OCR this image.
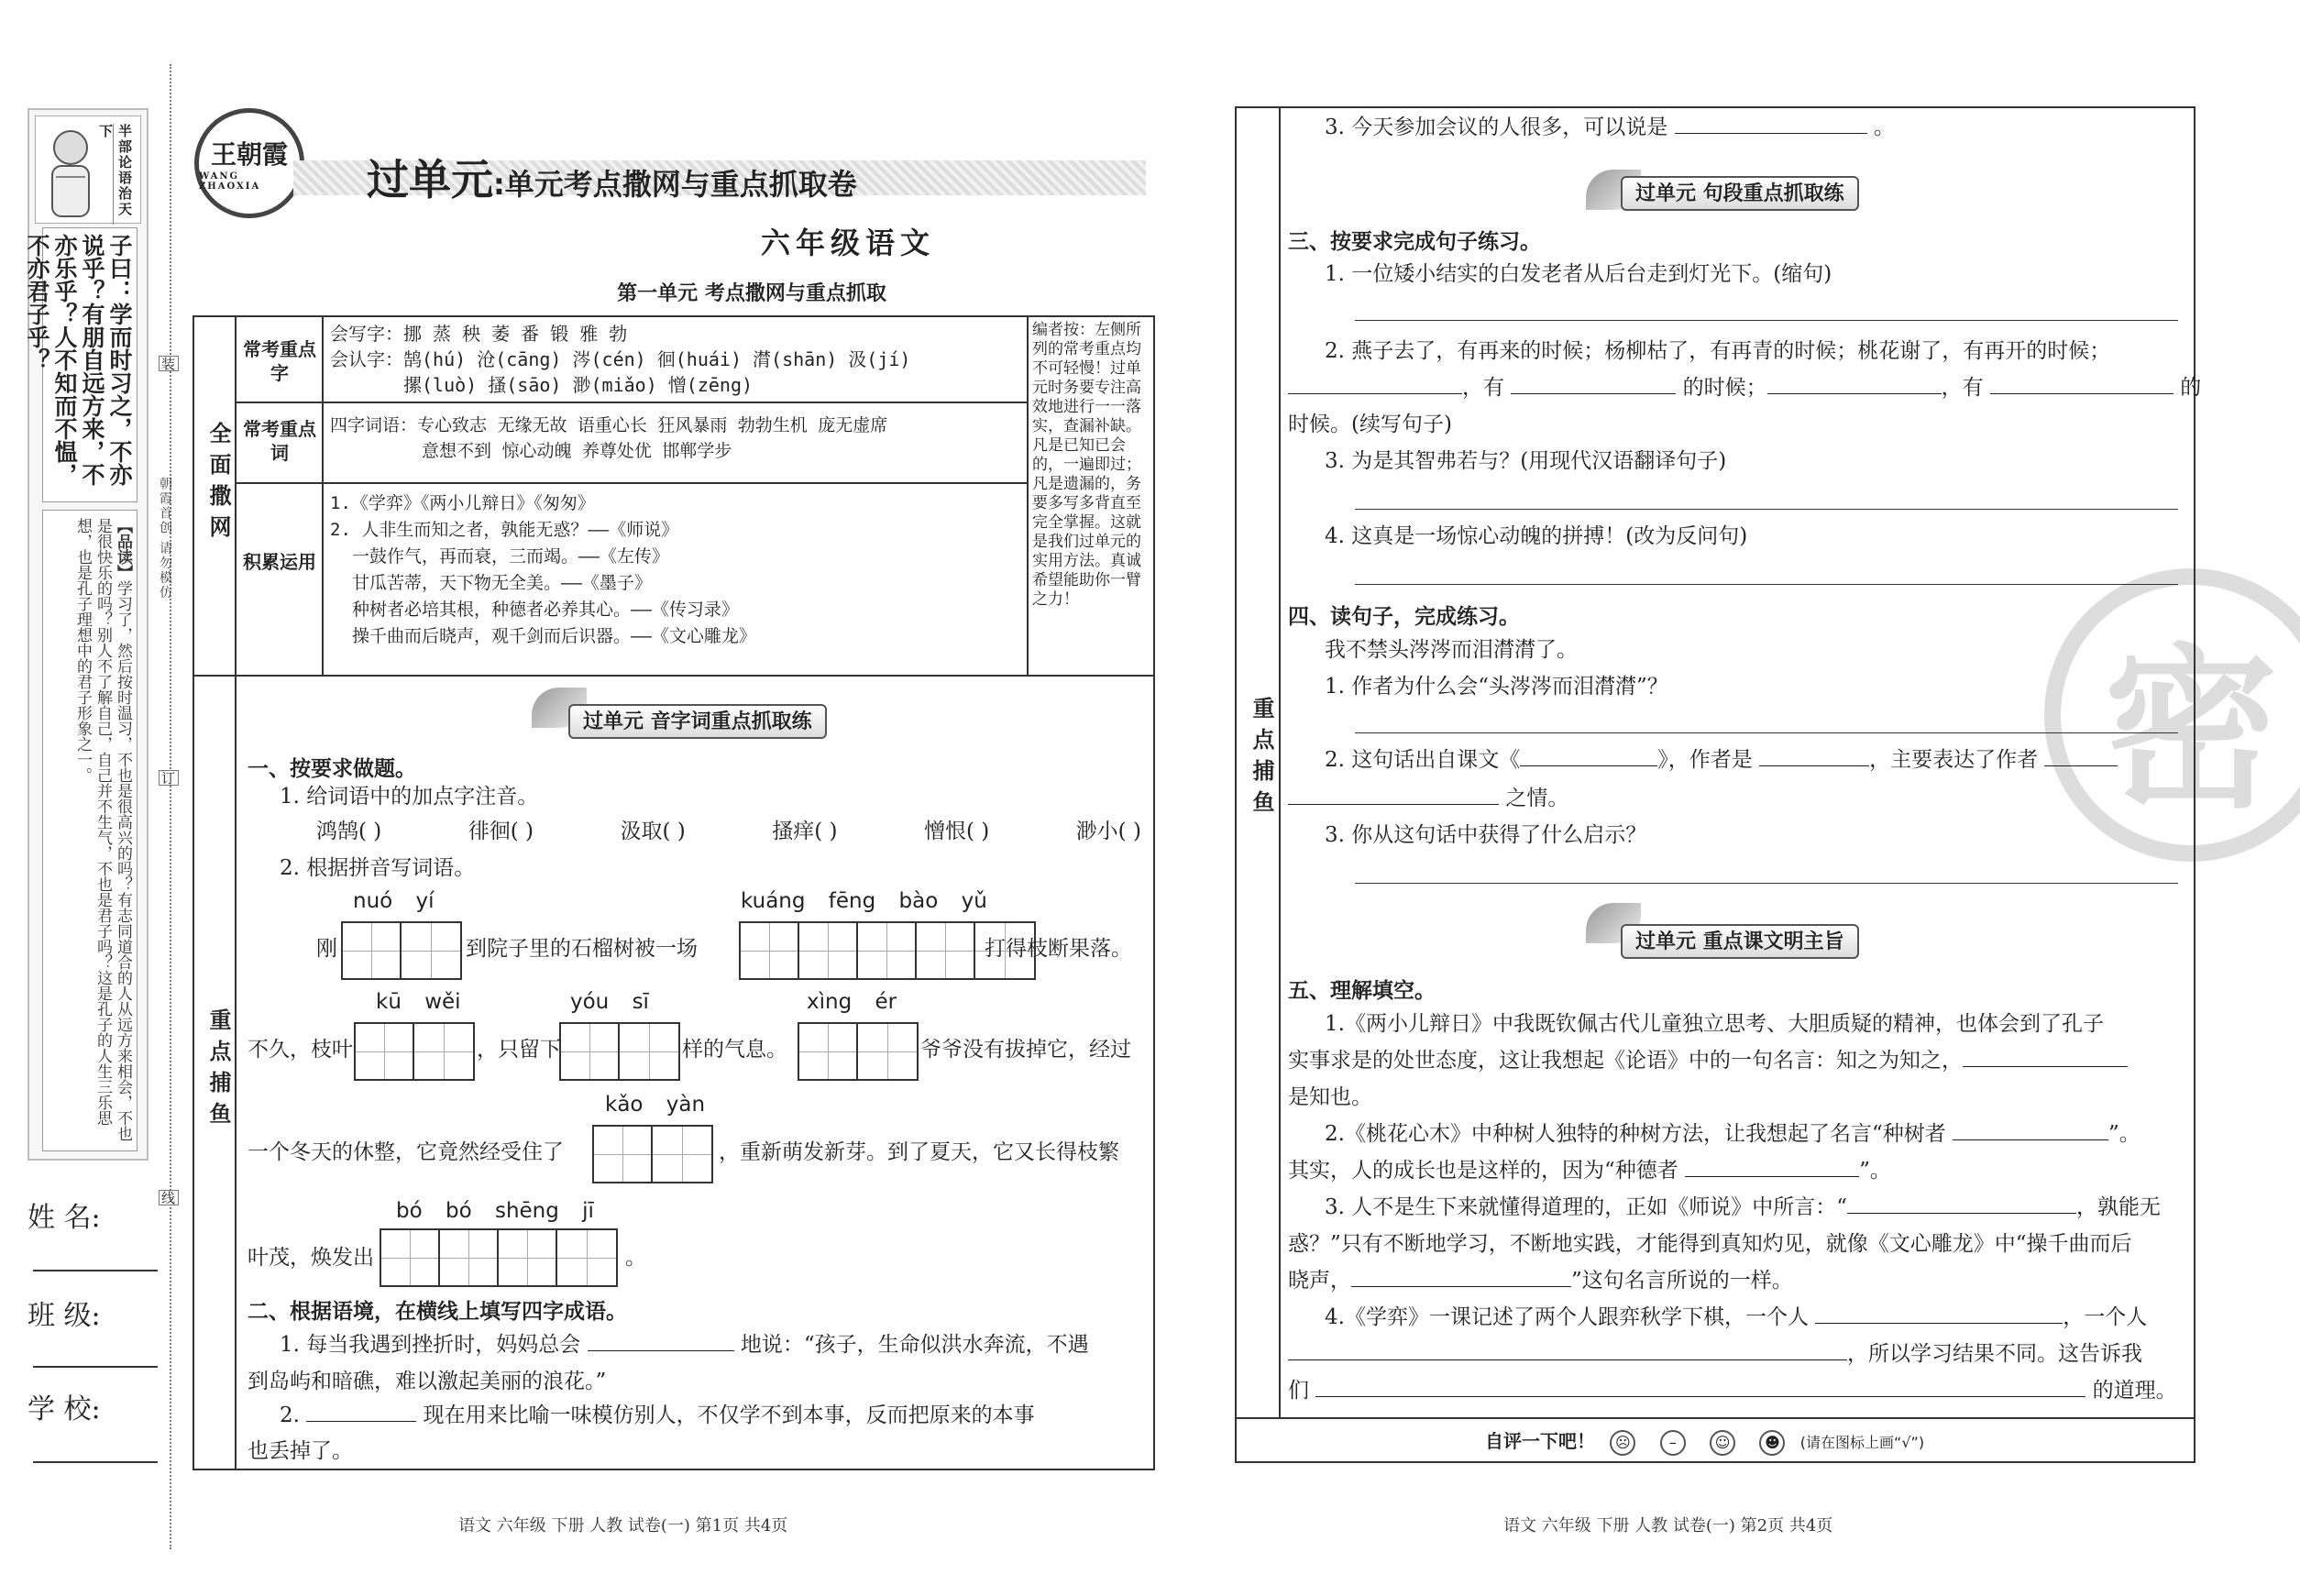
半部论语治天下
子曰：学而时习之，不亦说乎？有朋自远方来，不亦乐乎？人不知而不愠，不亦君子乎？
【品读】学习了，然后按时温习，不也是很高兴的吗？有志同道合的人从远方来相会，不也是很快乐的吗？别人不了解自己，自己并不生气，不也是君子吗？这是孔子的人生三乐思想，也是孔子理想中的君子形象之一。
姓 名:
班 级:
学 校:
装
订
线
朝霞首创 请勿模仿
王朝霞
WANG ZHAOXIA	过单元:单元考点撒网与重点抓取卷
六年级语文
第一单元 考点撒网与重点抓取
全面撒网
常考重点字
会写字：挪 蒸 秧 萎 番 锻 雅 勃
会认字：鹄(hú) 沧(cāng) 涔(cén) 徊(huái) 潸(shān) 汲(jí)
摞(luò) 搔(sāo) 渺(miǎo) 憎(zēng)
常考重点词
四字词语：专心致志 无缘无故 语重心长 狂风暴雨 勃勃生机 庞无虚席
意想不到 惊心动魄 养尊处优 邯郸学步
积累运用
1.《学弈》《两小儿辩日》《匆匆》
2. 人非生而知之者，孰能无惑？——《师说》
一鼓作气，再而衰，三而竭。——《左传》
甘瓜苦蒂，天下物无全美。——《墨子》
种树者必培其根，种德者必养其心。——《传习录》
操千曲而后晓声，观千剑而后识器。——《文心雕龙》
编者按：左侧所列的常考重点均不可轻慢！过单元时务要专注高效地进行一一落实，查漏补缺。凡是已知已会的，一遍即过；凡是遗漏的，务要多写多背直至完全掌握。这就是我们过单元的实用方法。真诚希望能助你一臂之力！
重点捕鱼
过单元 音字词重点抓取练
一、按要求做题。
1. 给词语中的加点字注音。
鸿鹄( )	徘徊( )	汲取( )	搔痒( )	憎恨( )	渺小( )
2. 根据拼音写词语。
nuó yí
刚	到院子里的石榴树被一场
kuáng fēng bào yǔ
打得枝断果落。
kū wěi
不久，枝叶	，只留下
yóu sī
样的气息。
xìng ér
爷爷没有拔掉它，经过
kǎo yàn
一个冬天的休整，它竟然经受住了	，重新萌发新芽。到了夏天，它又长得枝繁
bó bó shēng jī
叶茂，焕发出	。
二、根据语境，在横线上填写四字成语。
1. 每当我遇到挫折时，妈妈总会	地说：“孩子，生命似洪水奔流，不遇
到岛屿和暗礁，难以激起美丽的浪花。”
2.	现在用来比喻一味模仿别人，不仅学不到本事，反而把原来的本事
也丢掉了。
语文 六年级 下册 人教 试卷(一) 第1页 共4页
密
重点捕鱼
3. 今天参加会议的人很多，可以说是	。
过单元 句段重点抓取练
三、按要求完成句子练习。
1. 一位矮小结实的白发老者从后台走到灯光下。(缩句)
2. 燕子去了，有再来的时候；杨柳枯了，有再青的时候；桃花谢了，有再开的时候；
，有	的时候；	，有	的
时候。(续写句子)
3. 为是其智弗若与？(用现代汉语翻译句子)
4. 这真是一场惊心动魄的拼搏！(改为反问句)
四、读句子，完成练习。
我不禁头涔涔而泪潸潸了。
1. 作者为什么会“头涔涔而泪潸潸”？
2. 这句话出自课文《	》，作者是	，主要表达了作者
之情。
3. 你从这句话中获得了什么启示？
过单元 重点课文明主旨
五、理解填空。
1.《两小儿辩日》中我既钦佩古代儿童独立思考、大胆质疑的精神，也体会到了孔子
实事求是的处世态度，这让我想起《论语》中的一句名言：知之为知之，
是知也。
2.《桃花心木》中种树人独特的种树方法，让我想起了名言“种树者	”。
其实，人的成长也是这样的，因为“种德者	”。
3. 人不是生下来就懂得道理的，正如《师说》中所言：“	，孰能无
惑？”只有不断地学习，不断地实践，才能得到真知灼见，就像《文心雕龙》中“操千曲而后
晓声，	”这句名言所说的一样。
4.《学弈》一课记述了两个人跟弈秋学下棋，一个人	，一个人
，所以学习结果不同。这告诉我
们	的道理。
自评一下吧！ ☹	–	☺ ☻ (请在图标上画“√”)
语文 六年级 下册 人教 试卷(一) 第2页 共4页
